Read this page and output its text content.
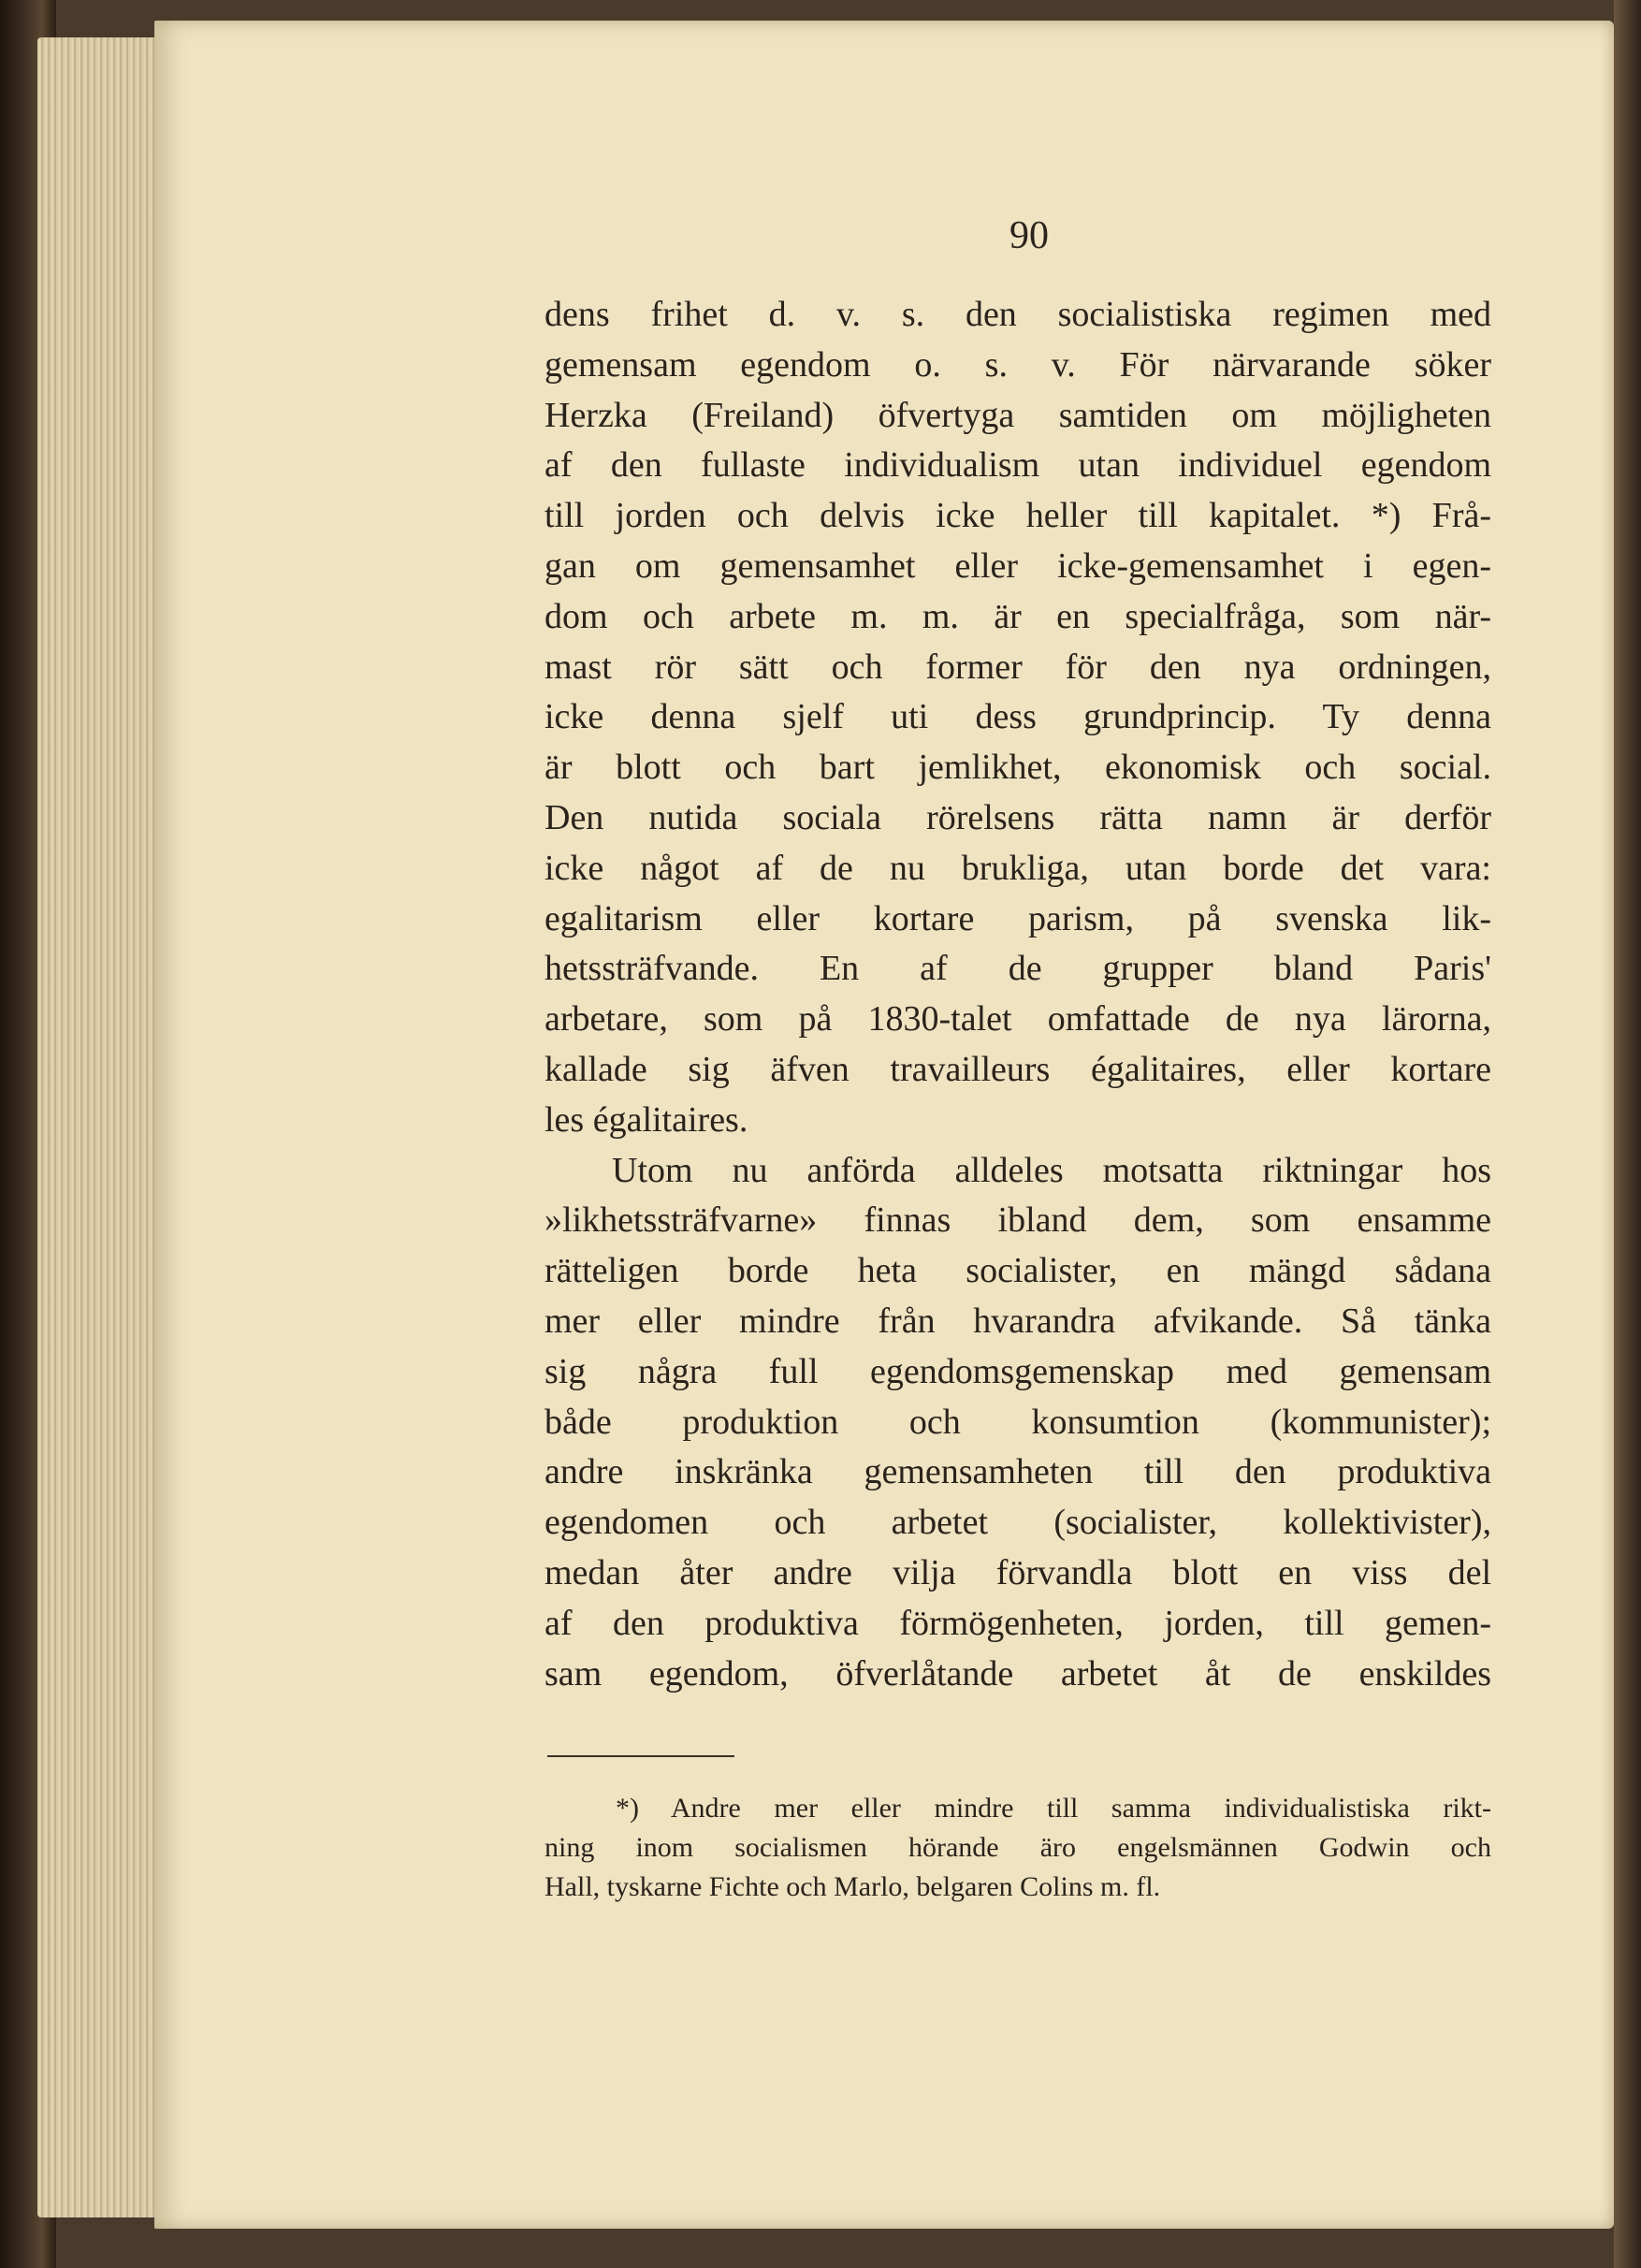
90
dens frihet d. v. s. den socialistiska regimen med
gemensam egendom o. s. v. För närvarande söker
Herzka (Freiland) öfvertyga samtiden om möjligheten
af den fullaste individualism utan individuel egendom
till jorden och delvis icke heller till kapitalet. *) Frå-
gan om gemensamhet eller icke-gemensamhet i egen-
dom och arbete m. m. är en specialfråga, som när-
mast rör sätt och former för den nya ordningen,
icke denna sjelf uti dess grundprincip. Ty denna
är blott och bart jemlikhet, ekonomisk och social.
Den nutida sociala rörelsens rätta namn är derför
icke något af de nu brukliga, utan borde det vara:
egalitarism eller kortare parism, på svenska lik-
hetssträfvande. En af de grupper bland Paris'
arbetare, som på 1830-talet omfattade de nya lärorna,
kallade sig äfven travailleurs égalitaires, eller kortare
les égalitaires.
Utom nu anförda alldeles motsatta riktningar hos
»likhetssträfvarne» finnas ibland dem, som ensamme
rätteligen borde heta socialister, en mängd sådana
mer eller mindre från hvarandra afvikande. Så tänka
sig några full egendomsgemenskap med gemensam
både produktion och konsumtion (kommunister);
andre inskränka gemensamheten till den produktiva
egendomen och arbetet (socialister, kollektivister),
medan åter andre vilja förvandla blott en viss del
af den produktiva förmögenheten, jorden, till gemen-
sam egendom, öfverlåtande arbetet åt de enskildes
*) Andre mer eller mindre till samma individualistiska rikt-
ning inom socialismen hörande äro engelsmännen Godwin och
Hall, tyskarne Fichte och Marlo, belgaren Colins m. fl.
